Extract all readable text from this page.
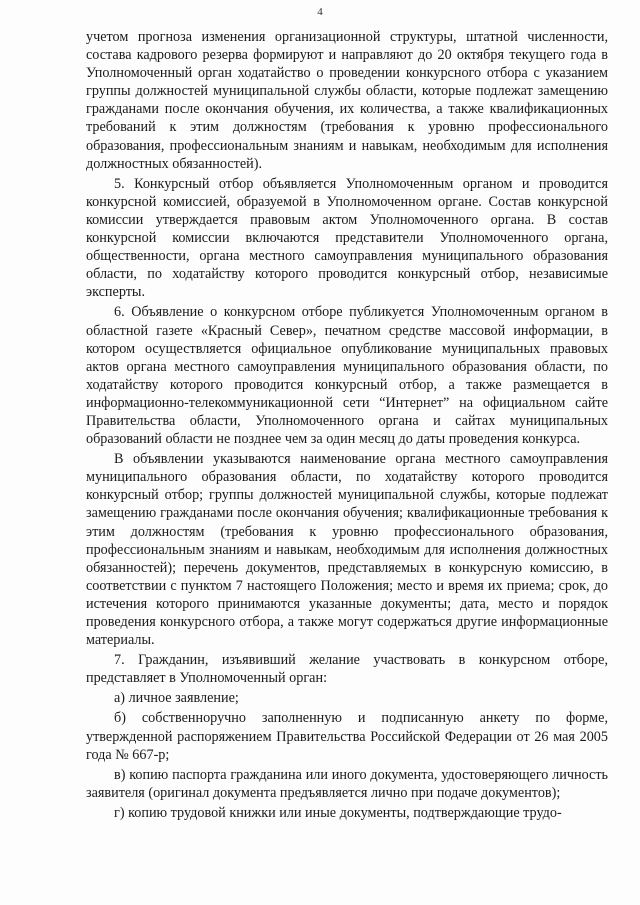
4

учетом прогноза изменения организационной структуры, штатной численности, состава кадрового резерва формируют и направляют до 20 октября текущего года в Уполномоченный орган ходатайство о проведении конкурсного отбора с указанием группы должностей муниципальной службы области, которые подлежат замещению гражданами после окончания обучения, их количества, а также квалификационных требований к этим должностям (требования к уровню профессионального образования, профессиональным знаниям и навыкам, необходимым для исполнения должностных обязанностей).

5. Конкурсный отбор объявляется Уполномоченным органом и проводится конкурсной комиссией, образуемой в Уполномоченном органе. Состав конкурсной комиссии утверждается правовым актом Уполномоченного органа. В состав конкурсной комиссии включаются представители Уполномоченного органа, общественности, органа местного самоуправления муниципального образования области, по ходатайству которого проводится конкурсный отбор, независимые эксперты.

6. Объявление о конкурсном отборе публикуется Уполномоченным органом в областной газете «Красный Север», печатном средстве массовой информации, в котором осуществляется официальное опубликование муниципальных правовых актов органа местного самоуправления муниципального образования области, по ходатайству которого проводится конкурсный отбор, а также размещается в информационно-телекоммуникационной сети “Интернет” на официальном сайте Правительства области, Уполномоченного органа и сайтах муниципальных образований области не позднее чем за один месяц до даты проведения конкурса.

В объявлении указываются наименование органа местного самоуправления муниципального образования области, по ходатайству которого проводится конкурсный отбор; группы должностей муниципальной службы, которые подлежат замещению гражданами после окончания обучения; квалификационные требования к этим должностям (требования к уровню профессионального образования, профессиональным знаниям и навыкам, необходимым для исполнения должностных обязанностей); перечень документов, представляемых в конкурсную комиссию, в соответствии с пунктом 7 настоящего Положения; место и время их приема; срок, до истечения которого принимаются указанные документы; дата, место и порядок проведения конкурсного отбора, а также могут содержаться другие информационные материалы.

7. Гражданин, изъявивший желание участвовать в конкурсном отборе, представляет в Уполномоченный орган:

а) личное заявление;

б) собственноручно заполненную и подписанную анкету по форме, утвержденной распоряжением Правительства Российской Федерации от 26 мая 2005 года № 667-р;

в) копию паспорта гражданина или иного документа, удостоверяющего личность заявителя (оригинал документа предъявляется лично при подаче документов);

г) копию трудовой книжки или иные документы, подтверждающие трудо-
